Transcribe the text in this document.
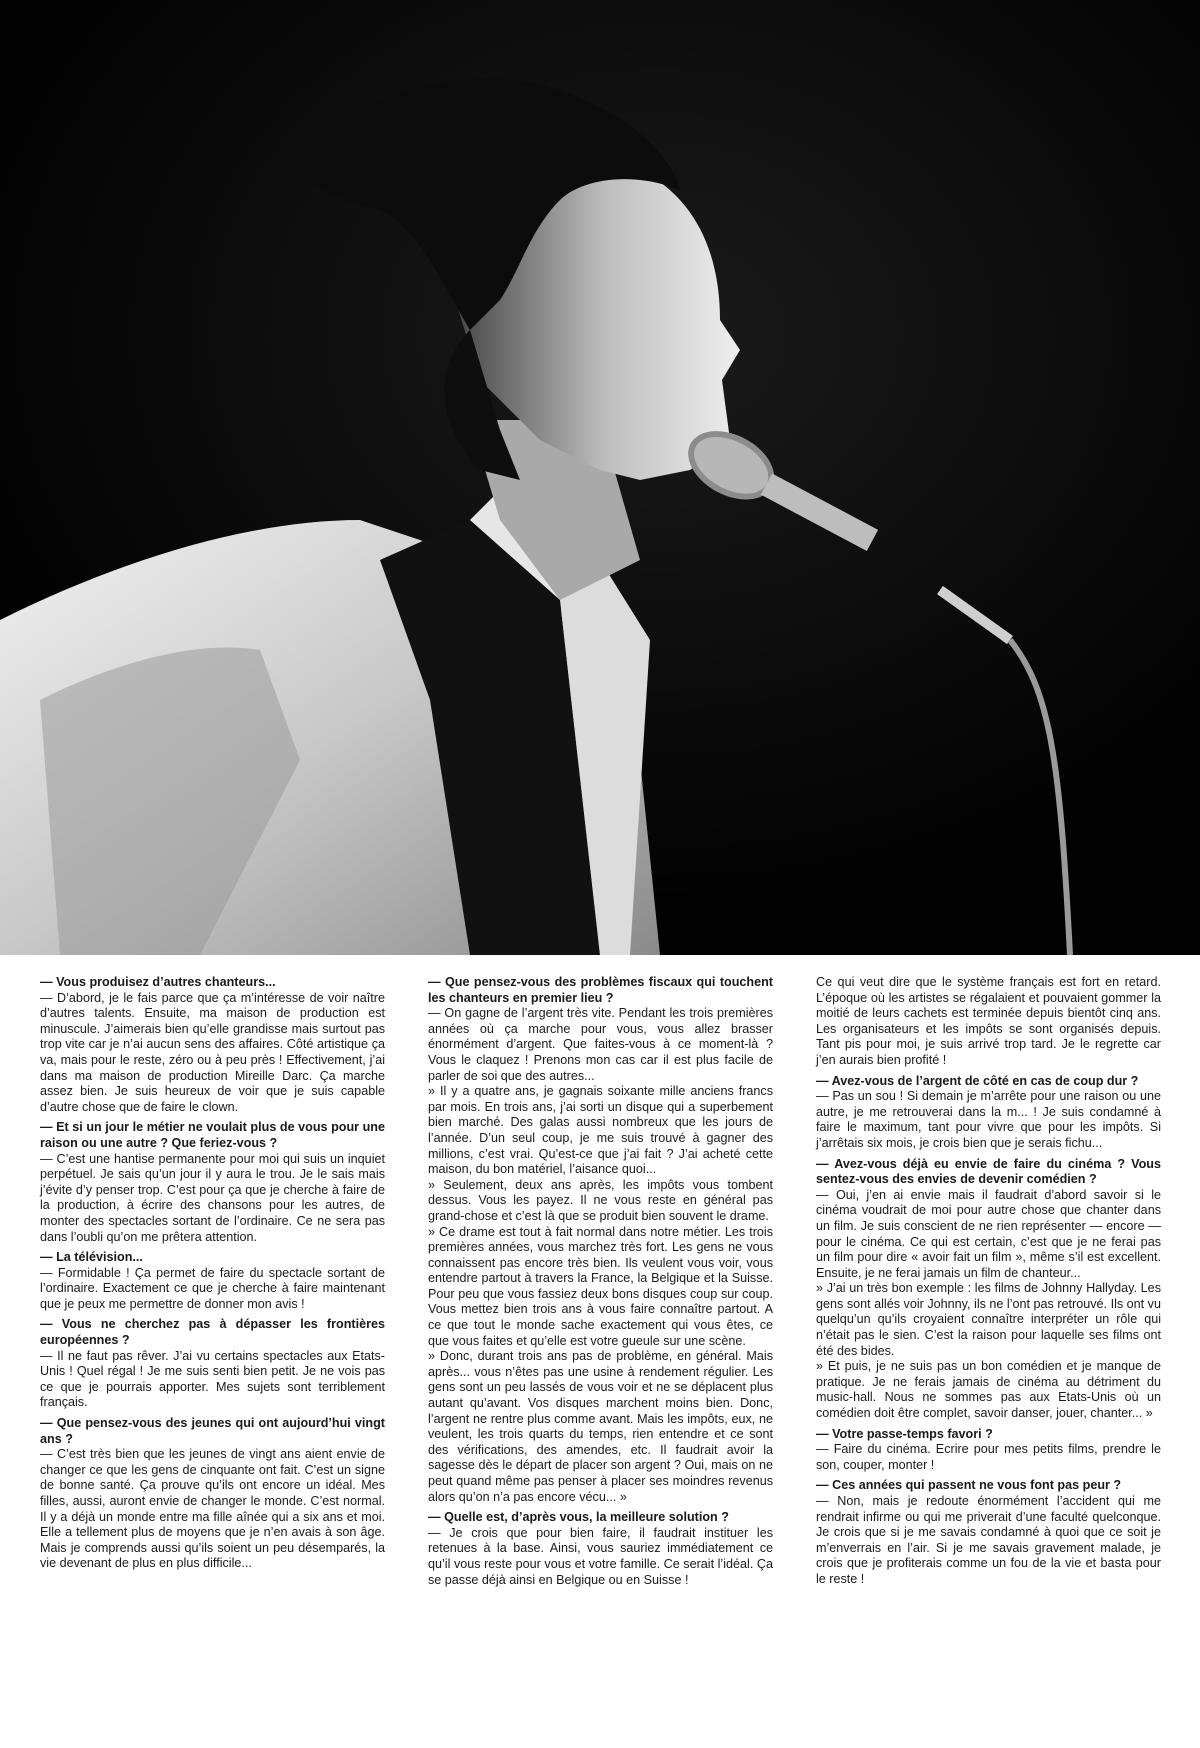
— Vous produisez d’autres chanteurs...

— D’abord, je le fais parce que ça m’intéresse de voir naître d’autres talents. Ensuite, ma maison de production est minuscule. J’aimerais bien qu’elle grandisse mais surtout pas trop vite car je n’ai aucun sens des affaires. Côté artistique ça va, mais pour le reste, zéro ou à peu près ! Effectivement, j’ai dans ma maison de production Mireille Darc. Ça marche assez bien. Je suis heureux de voir que je suis capable d’autre chose que de faire le clown.

— Et si un jour le métier ne voulait plus de vous pour une raison ou une autre ? Que feriez-vous ?

— C’est une hantise permanente pour moi qui suis un inquiet perpétuel. Je sais qu’un jour il y aura le trou. Je le sais mais j’évite d’y penser trop. C’est pour ça que je cherche à faire de la production, à écrire des chansons pour les autres, de monter des spectacles sortant de l’ordinaire. Ce ne sera pas dans l’oubli qu’on me prêtera attention.

— La télévision...

— Formidable ! Ça permet de faire du spectacle sortant de l’ordinaire. Exactement ce que je cherche à faire maintenant que je peux me permettre de donner mon avis !

— Vous ne cherchez pas à dépasser les frontières européennes ?

— Il ne faut pas rêver. J’ai vu certains spectacles aux Etats-Unis ! Quel régal ! Je me suis senti bien petit. Je ne vois pas ce que je pourrais apporter. Mes sujets sont terriblement français.

— Que pensez-vous des jeunes qui ont aujourd’hui vingt ans ?

— C’est très bien que les jeunes de vingt ans aient envie de changer ce que les gens de cinquante ont fait. C’est un signe de bonne santé. Ça prouve qu’ils ont encore un idéal. Mes filles, aussi, auront envie de changer le monde. C’est normal. Il y a déjà un monde entre ma fille aînée qui a six ans et moi. Elle a tellement plus de moyens que je n’en avais à son âge. Mais je comprends aussi qu’ils soient un peu désemparés, la vie devenant de plus en plus difficile...

— Que pensez-vous des problèmes fiscaux qui touchent les chanteurs en premier lieu ?

— On gagne de l’argent très vite. Pendant les trois premières années où ça marche pour vous, vous allez brasser énormément d’argent. Que faites-vous à ce moment-là ? Vous le claquez ! Prenons mon cas car il est plus facile de parler de soi que des autres...

» Il y a quatre ans, je gagnais soixante mille anciens francs par mois. En trois ans, j’ai sorti un disque qui a superbement bien marché. Des galas aussi nombreux que les jours de l’année. D’un seul coup, je me suis trouvé à gagner des millions, c’est vrai. Qu’est-ce que j’ai fait ? J’ai acheté cette maison, du bon matériel, l’aisance quoi...

» Seulement, deux ans après, les impôts vous tombent dessus. Vous les payez. Il ne vous reste en général pas grand-chose et c’est là que se produit bien souvent le drame.

» Ce drame est tout à fait normal dans notre métier. Les trois premières années, vous marchez très fort. Les gens ne vous connaissent pas encore très bien. Ils veulent vous voir, vous entendre partout à travers la France, la Belgique et la Suisse. Pour peu que vous fassiez deux bons disques coup sur coup. Vous mettez bien trois ans à vous faire connaître partout. A ce que tout le monde sache exactement qui vous êtes, ce que vous faites et qu’elle est votre gueule sur une scène.

» Donc, durant trois ans pas de problème, en général. Mais après... vous n’êtes pas une usine à rendement régulier. Les gens sont un peu lassés de vous voir et ne se déplacent plus autant qu’avant. Vos disques marchent moins bien. Donc, l’argent ne rentre plus comme avant. Mais les impôts, eux, ne veulent, les trois quarts du temps, rien entendre et ce sont des vérifications, des amendes, etc. Il faudrait avoir la sagesse dès le départ de placer son argent ? Oui, mais on ne peut quand même pas penser à placer ses moindres revenus alors qu’on n’a pas encore vécu... »

— Quelle est, d’après vous, la meilleure solution ?

— Je crois que pour bien faire, il faudrait instituer les retenues à la base. Ainsi, vous sauriez immédiatement ce qu’il vous reste pour vous et votre famille. Ce serait l’idéal. Ça se passe déjà ainsi en Belgique ou en Suisse !

Ce qui veut dire que le système français est fort en retard. L’époque où les artistes se régalaient et pouvaient gommer la moitié de leurs cachets est terminée depuis bientôt cinq ans. Les organisateurs et les impôts se sont organisés depuis. Tant pis pour moi, je suis arrivé trop tard. Je le regrette car j’en aurais bien profité !

— Avez-vous de l’argent de côté en cas de coup dur ?

— Pas un sou ! Si demain je m’arrête pour une raison ou une autre, je me retrouverai dans la m... ! Je suis condamné à faire le maximum, tant pour vivre que pour les impôts. Si j’arrêtais six mois, je crois bien que je serais fichu...

— Avez-vous déjà eu envie de faire du cinéma ? Vous sentez-vous des envies de devenir comédien ?

— Oui, j’en ai envie mais il faudrait d’abord savoir si le cinéma voudrait de moi pour autre chose que chanter dans un film. Je suis conscient de ne rien représenter — encore — pour le cinéma. Ce qui est certain, c’est que je ne ferai pas un film pour dire « avoir fait un film », même s’il est excellent. Ensuite, je ne ferai jamais un film de chanteur...

» J’ai un très bon exemple : les films de Johnny Hallyday. Les gens sont allés voir Johnny, ils ne l’ont pas retrouvé. Ils ont vu quelqu’un qu’ils croyaient connaître interpréter un rôle qui n’était pas le sien. C’est la raison pour laquelle ses films ont été des bides.

» Et puis, je ne suis pas un bon comédien et je manque de pratique. Je ne ferais jamais de cinéma au détriment du music-hall. Nous ne sommes pas aux Etats-Unis où un comédien doit être complet, savoir danser, jouer, chanter... »

— Votre passe-temps favori ?

— Faire du cinéma. Ecrire pour mes petits films, prendre le son, couper, monter !

— Ces années qui passent ne vous font pas peur ?

— Non, mais je redoute énormément l’accident qui me rendrait infirme ou qui me priverait d’une faculté quelconque. Je crois que si je me savais condamné à quoi que ce soit je m’enverrais en l’air. Si je me savais gravement malade, je crois que je profiterais comme un fou de la vie et basta pour le reste !
